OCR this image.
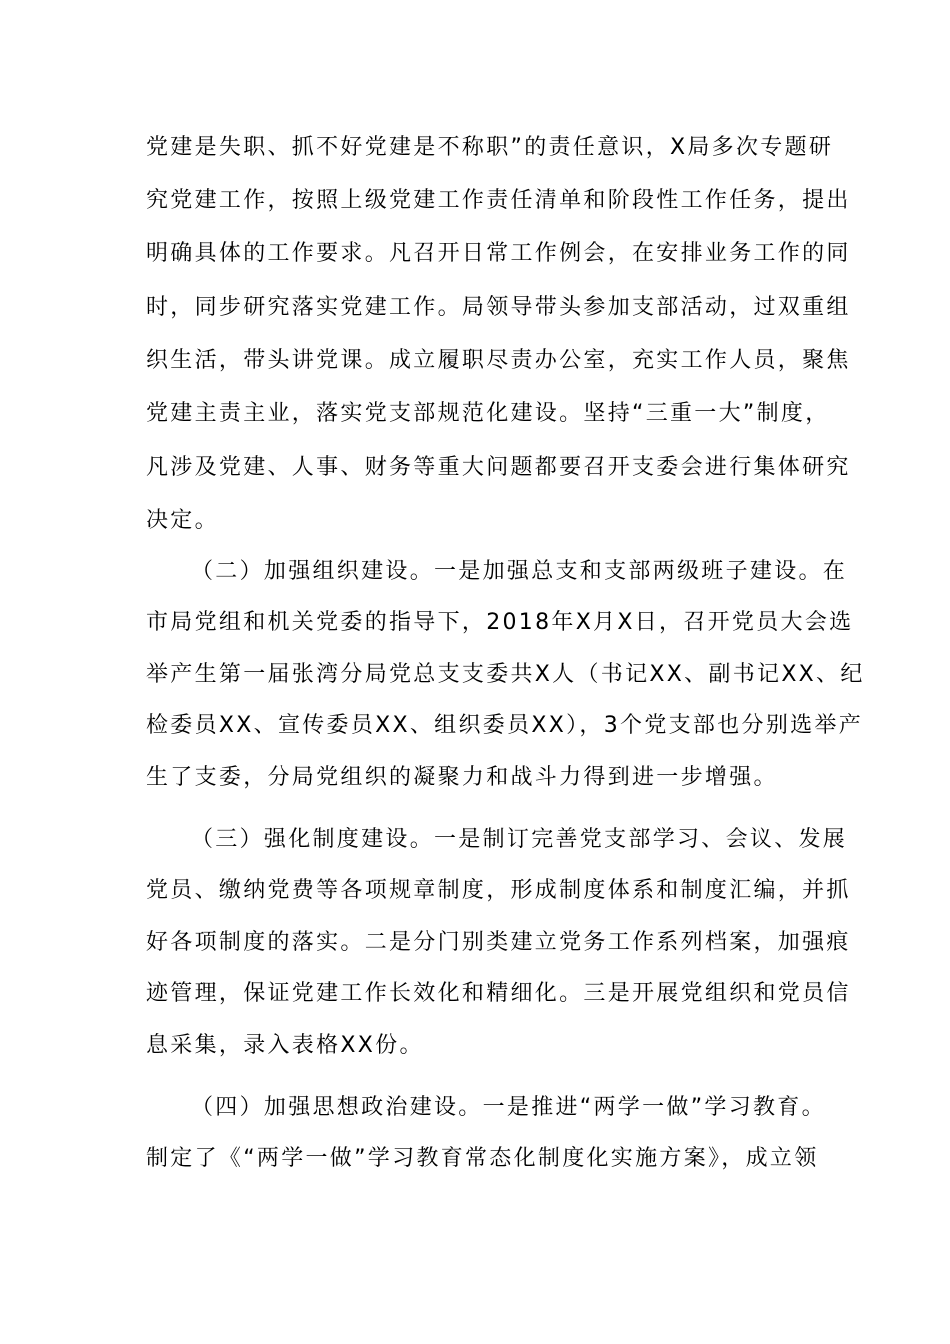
党建是失职、抓不好党建是不称职”的责任意识，X局多次专题研
究党建工作，按照上级党建工作责任清单和阶段性工作任务，提出
明确具体的工作要求。凡召开日常工作例会，在安排业务工作的同
时，同步研究落实党建工作。局领导带头参加支部活动，过双重组
织生活，带头讲党课。成立履职尽责办公室，充实工作人员，聚焦
党建主责主业，落实党支部规范化建设。坚持“三重一大”制度，
凡涉及党建、人事、财务等重大问题都要召开支委会进行集体研究
决定。
（二）加强组织建设。一是加强总支和支部两级班子建设。在
市局党组和机关党委的指导下，2018年X月X日，召开党员大会选
举产生第一届张湾分局党总支支委共X人（书记XX、副书记XX、纪
检委员XX、宣传委员XX、组织委员XX），3个党支部也分别选举产
生了支委，分局党组织的凝聚力和战斗力得到进一步增强。
（三）强化制度建设。一是制订完善党支部学习、会议、发展
党员、缴纳党费等各项规章制度，形成制度体系和制度汇编，并抓
好各项制度的落实。二是分门别类建立党务工作系列档案，加强痕
迹管理，保证党建工作长效化和精细化。三是开展党组织和党员信
息采集，录入表格XX份。
（四）加强思想政治建设。一是推进“两学一做”学习教育。
制定了《“两学一做”学习教育常态化制度化实施方案》，成立领
